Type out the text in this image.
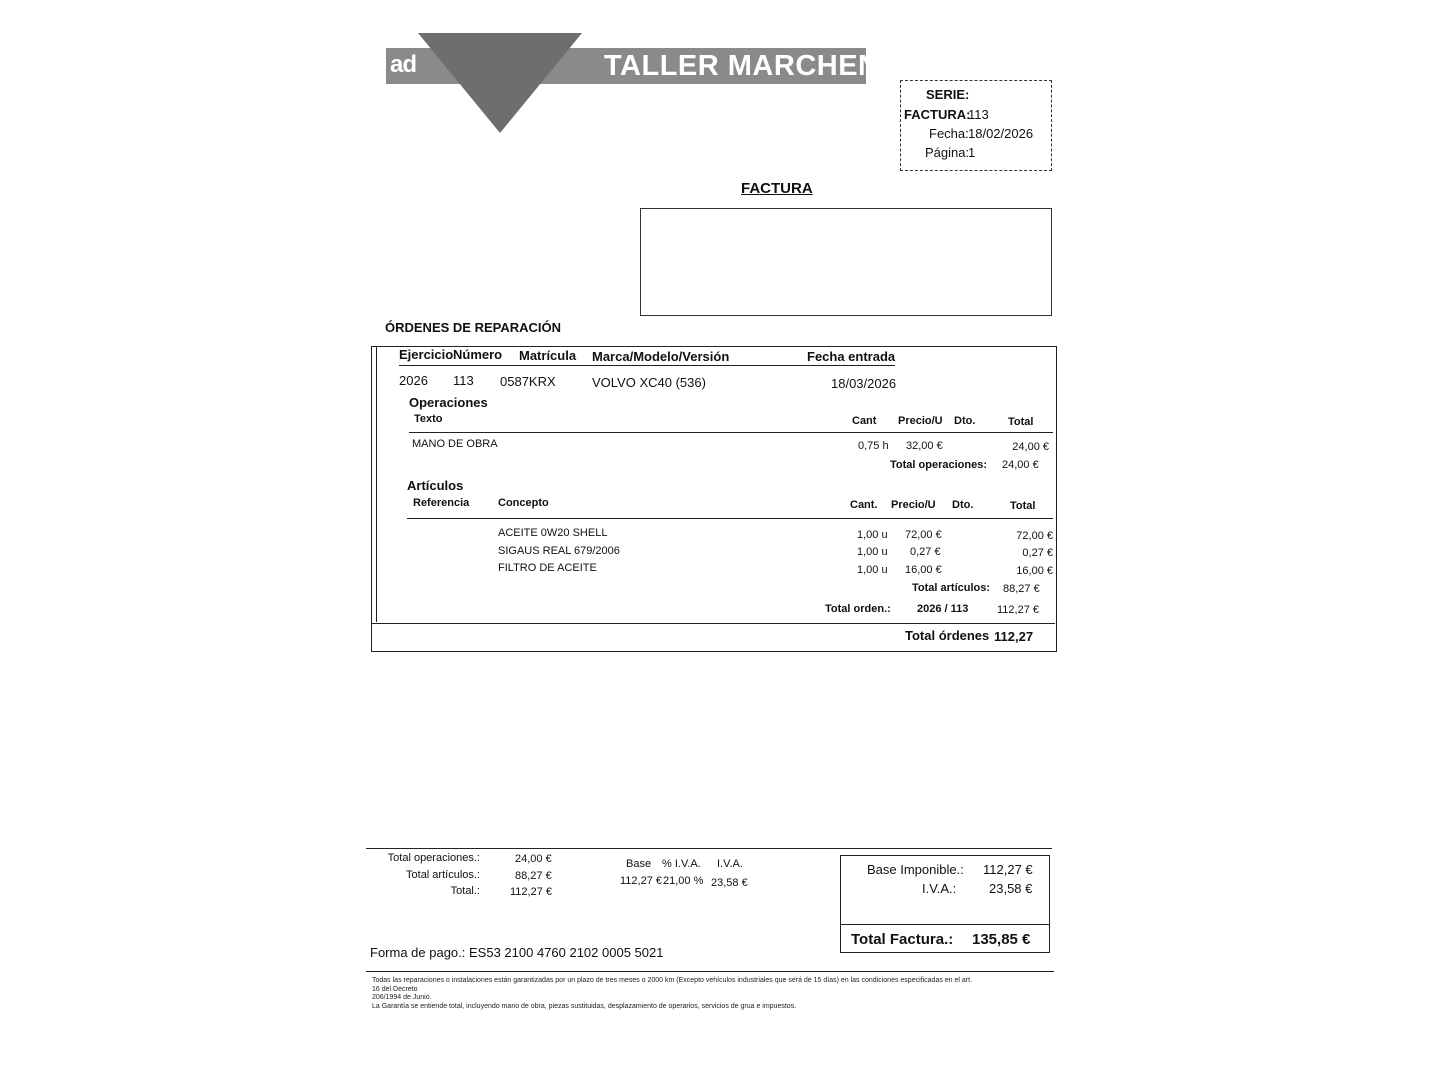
ad	TALLER MARCHENA
SERIE:
FACTURA:
113
Fecha: 18/02/2026
Página:
1
FACTURA
ÓRDENES DE REPARACIÓN
Ejercicio Número Matrícula Marca/Modelo/Versión	Fecha entrada
2026 113 0587KRX	VOLVO XC40 (536)	18/03/2026
Operaciones
Texto	Cant Precio/U Dto.	Total
MANO DE OBRA	0,75 h 32,00 €	24,00 €
Total operaciones: 24,00 €
Artículos
Referencia	Concepto	Cant. Precio/U Dto.	Total
ACEITE 0W20 SHELL	1,00 u 72,00 €	72,00 €
SIGAUS REAL 679/2006	1,00 u 0,27 €	0,27 €
FILTRO DE ACEITE	1,00 u 16,00 €	16,00 €
Total artículos: 88,27 €
Total orden.: 2026 / 113	112,27 €
Total órdenes 112,27
Total operaciones.:	24,00 €
Total artículos.:	88,27 €
Total.:	112,27 €
Base % I.V.A. I.V.A.
112,27 € 21,00 % 23,58 €
Base Imponible.: 112,27 €
I.V.A.:	23,58 €
Total Factura.: 135,85 €
Forma de pago.: ES53 2100 4760 2102 0005 5021
Todas las reparaciones o instalaciones están garantizadas por un plazo de tres meses o 2000 km (Excepto vehículos industriales que será de 15 días) en las condiciones especificadas en el art.
16 del Decreto
206/1994 de Junio.
La Garantía se entiende total, incluyendo mano de obra, piezas sustituidas, desplazamiento de operarios, servicios de grua e impuestos.
